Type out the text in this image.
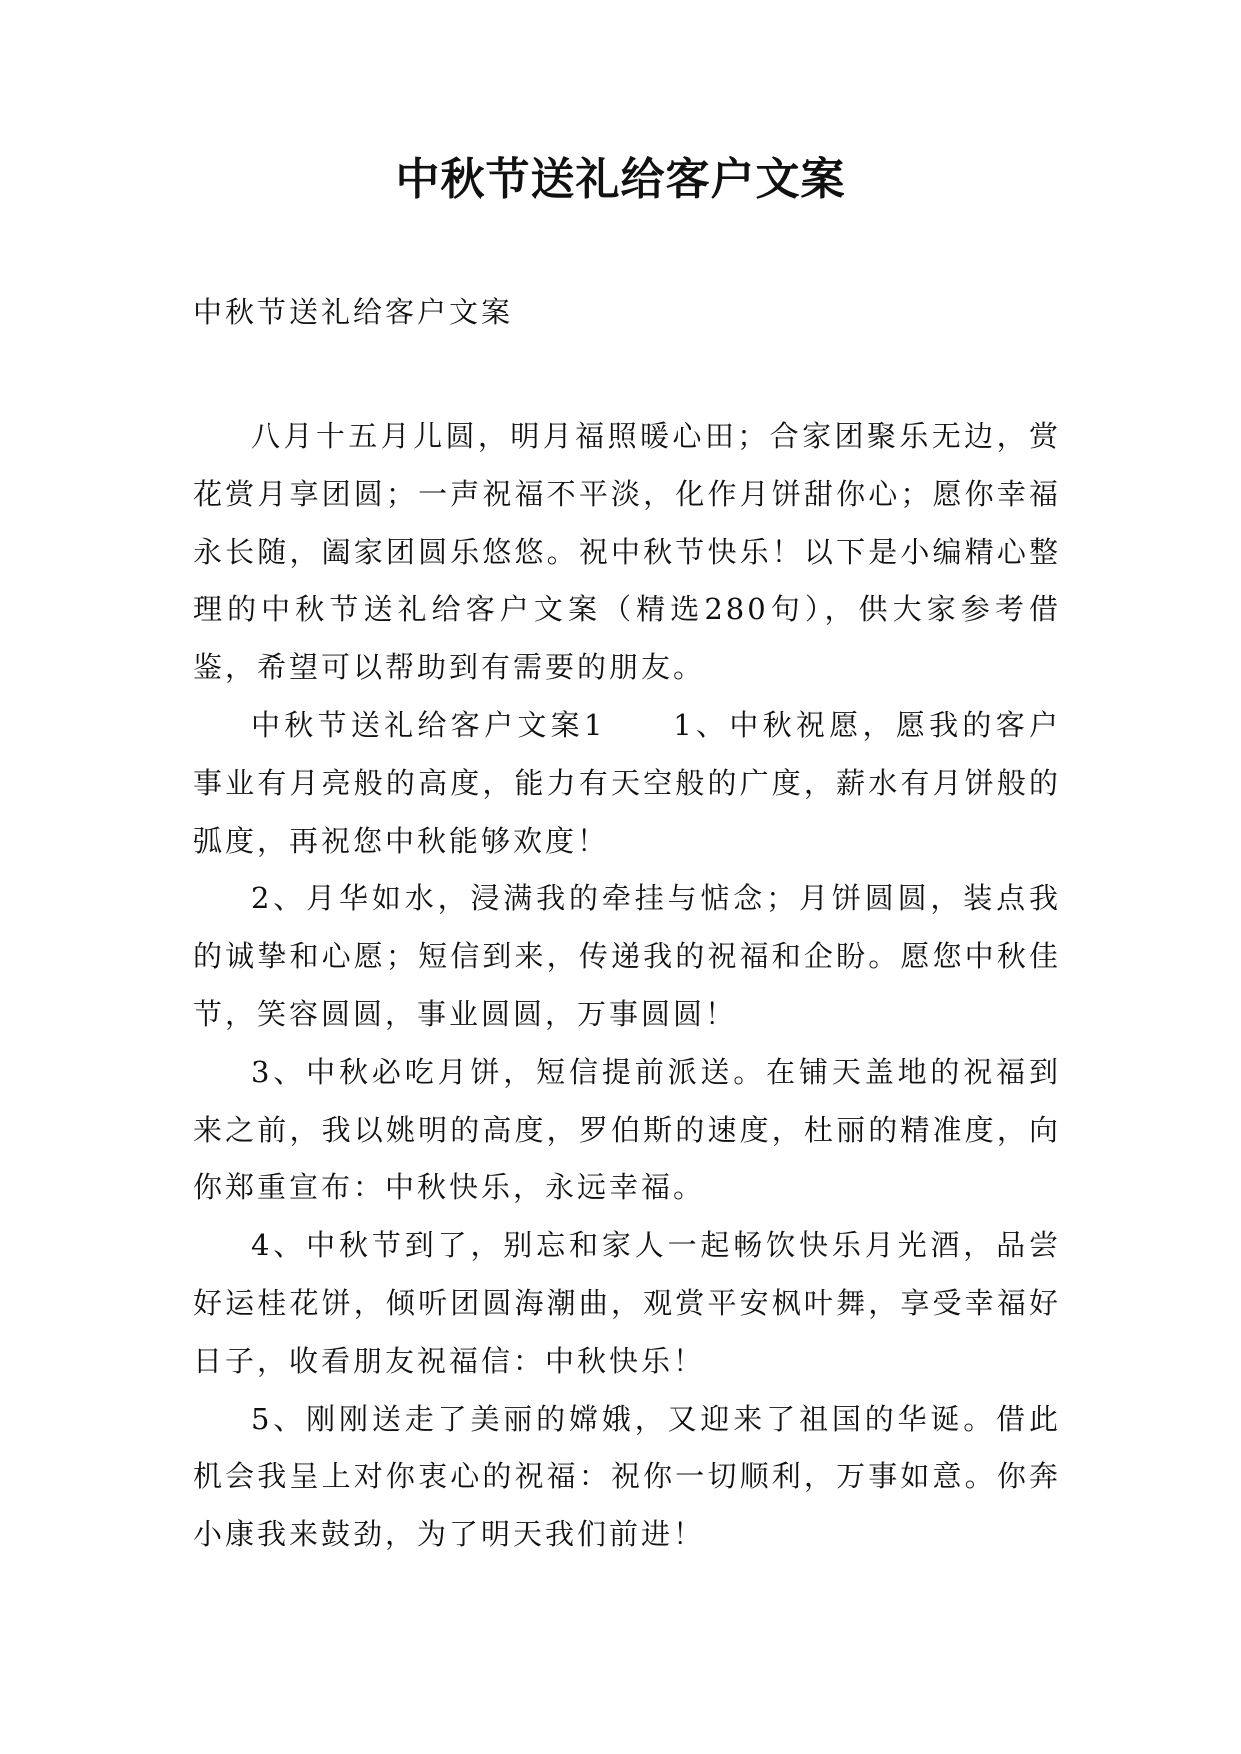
中秋节送礼给客户文案
中秋节送礼给客户文案

八月十五月儿圆，明月福照暖心田；合家团聚乐无边，赏花赏月享团圆；一声祝福不平淡，化作月饼甜你心；愿你幸福永长随，阖家团圆乐悠悠。祝中秋节快乐！以下是小编精心整理的中秋节送礼给客户文案（精选280句），供大家参考借鉴，希望可以帮助到有需要的朋友。

中秋节送礼给客户文案1　　1、中秋祝愿，愿我的客户事业有月亮般的高度，能力有天空般的广度，薪水有月饼般的弧度，再祝您中秋能够欢度！

2、月华如水，浸满我的牵挂与惦念；月饼圆圆，装点我的诚挚和心愿；短信到来，传递我的祝福和企盼。愿您中秋佳节，笑容圆圆，事业圆圆，万事圆圆！

3、中秋必吃月饼，短信提前派送。在铺天盖地的祝福到来之前，我以姚明的高度，罗伯斯的速度，杜丽的精准度，向你郑重宣布：中秋快乐，永远幸福。

4、中秋节到了，别忘和家人一起畅饮快乐月光酒，品尝好运桂花饼，倾听团圆海潮曲，观赏平安枫叶舞，享受幸福好日子，收看朋友祝福信：中秋快乐！

5、刚刚送走了美丽的嫦娥，又迎来了祖国的华诞。借此机会我呈上对你衷心的祝福：祝你一切顺利，万事如意。你奔小康我来鼓劲，为了明天我们前进！
